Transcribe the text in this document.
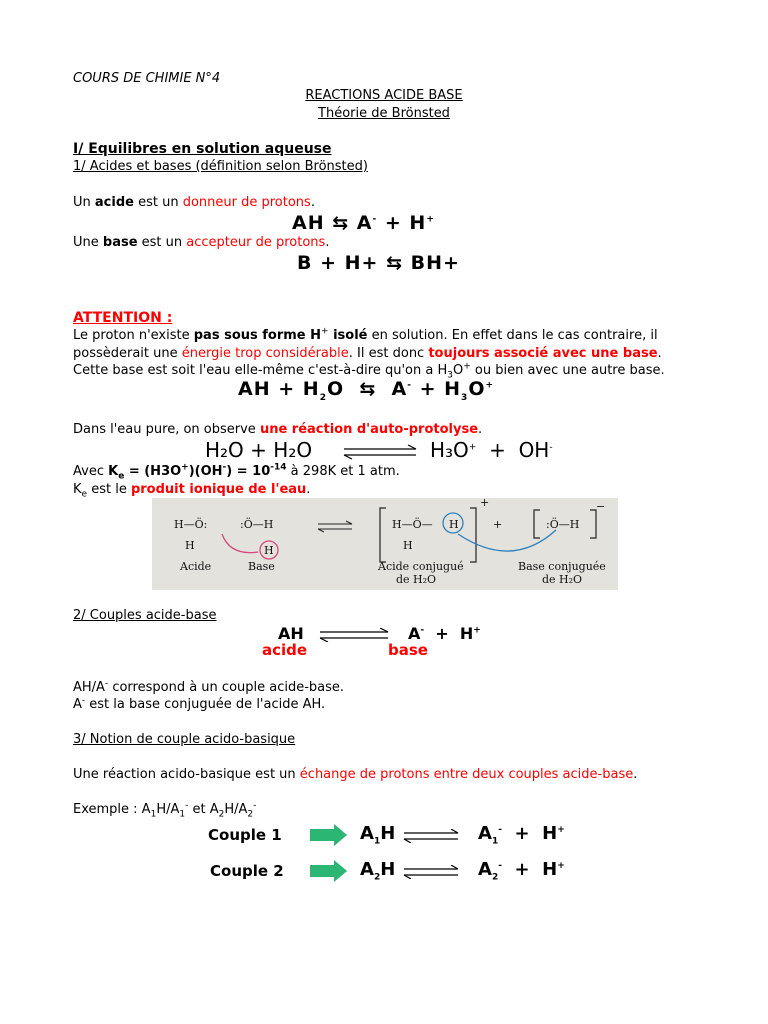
COURS DE CHIMIE N°4
REACTIONS ACIDE BASE
Théorie de Brönsted
I/ Equilibres en solution aqueuse
1/ Acides et bases (définition selon Brönsted)
Un acide est un donneur de protons.
AH ⇆ A- + H+
Une base est un accepteur de protons.
B + H+ ⇆ BH+
ATTENTION :
Le proton n'existe pas sous forme H+ isolé en solution. En effet dans le cas contraire, il
possèderait une énergie trop considérable. Il est donc toujours associé avec une base.
Cette base est soit l'eau elle-même c'est-à-dire qu'on a $H_3O^+$ ou bien avec une autre base.
AH + $H_2O$ ⇆ $A^- + H_3O^+$
Dans l'eau pure, on observe une réaction d'auto-protolyse.
H₂O + H₂O	H₃O+ + OH-
Avec $K_e = (H3O^+)(OH^-) = 10^{-14}$ à 298K et 1 atm.
$K_e$ est le produit ionique de l'eau.
H—Ö:
H
:Ö—H
H
H—Ö—
H
H	+
+
:Ö—H
−
Acide	Base	Acide conjugué
de H₂O
Base conjuguée
de H₂O
2/ Couples acide-base
AH	A- + H+
acide	base
AH/A- correspond à un couple acide-base.
A- est la base conjuguée de l'acide AH.
3/ Notion de couple acido-basique
Une réaction acido-basique est un échange de protons entre deux couples acide-base.
Exemple : $A_1H/A_1^-$ et $A_2H/A_2^-$
Couple 1	$A_1H$	$A_1^- + H^+$
Couple 2	$A_2H$	$A_2^- + H^+$
